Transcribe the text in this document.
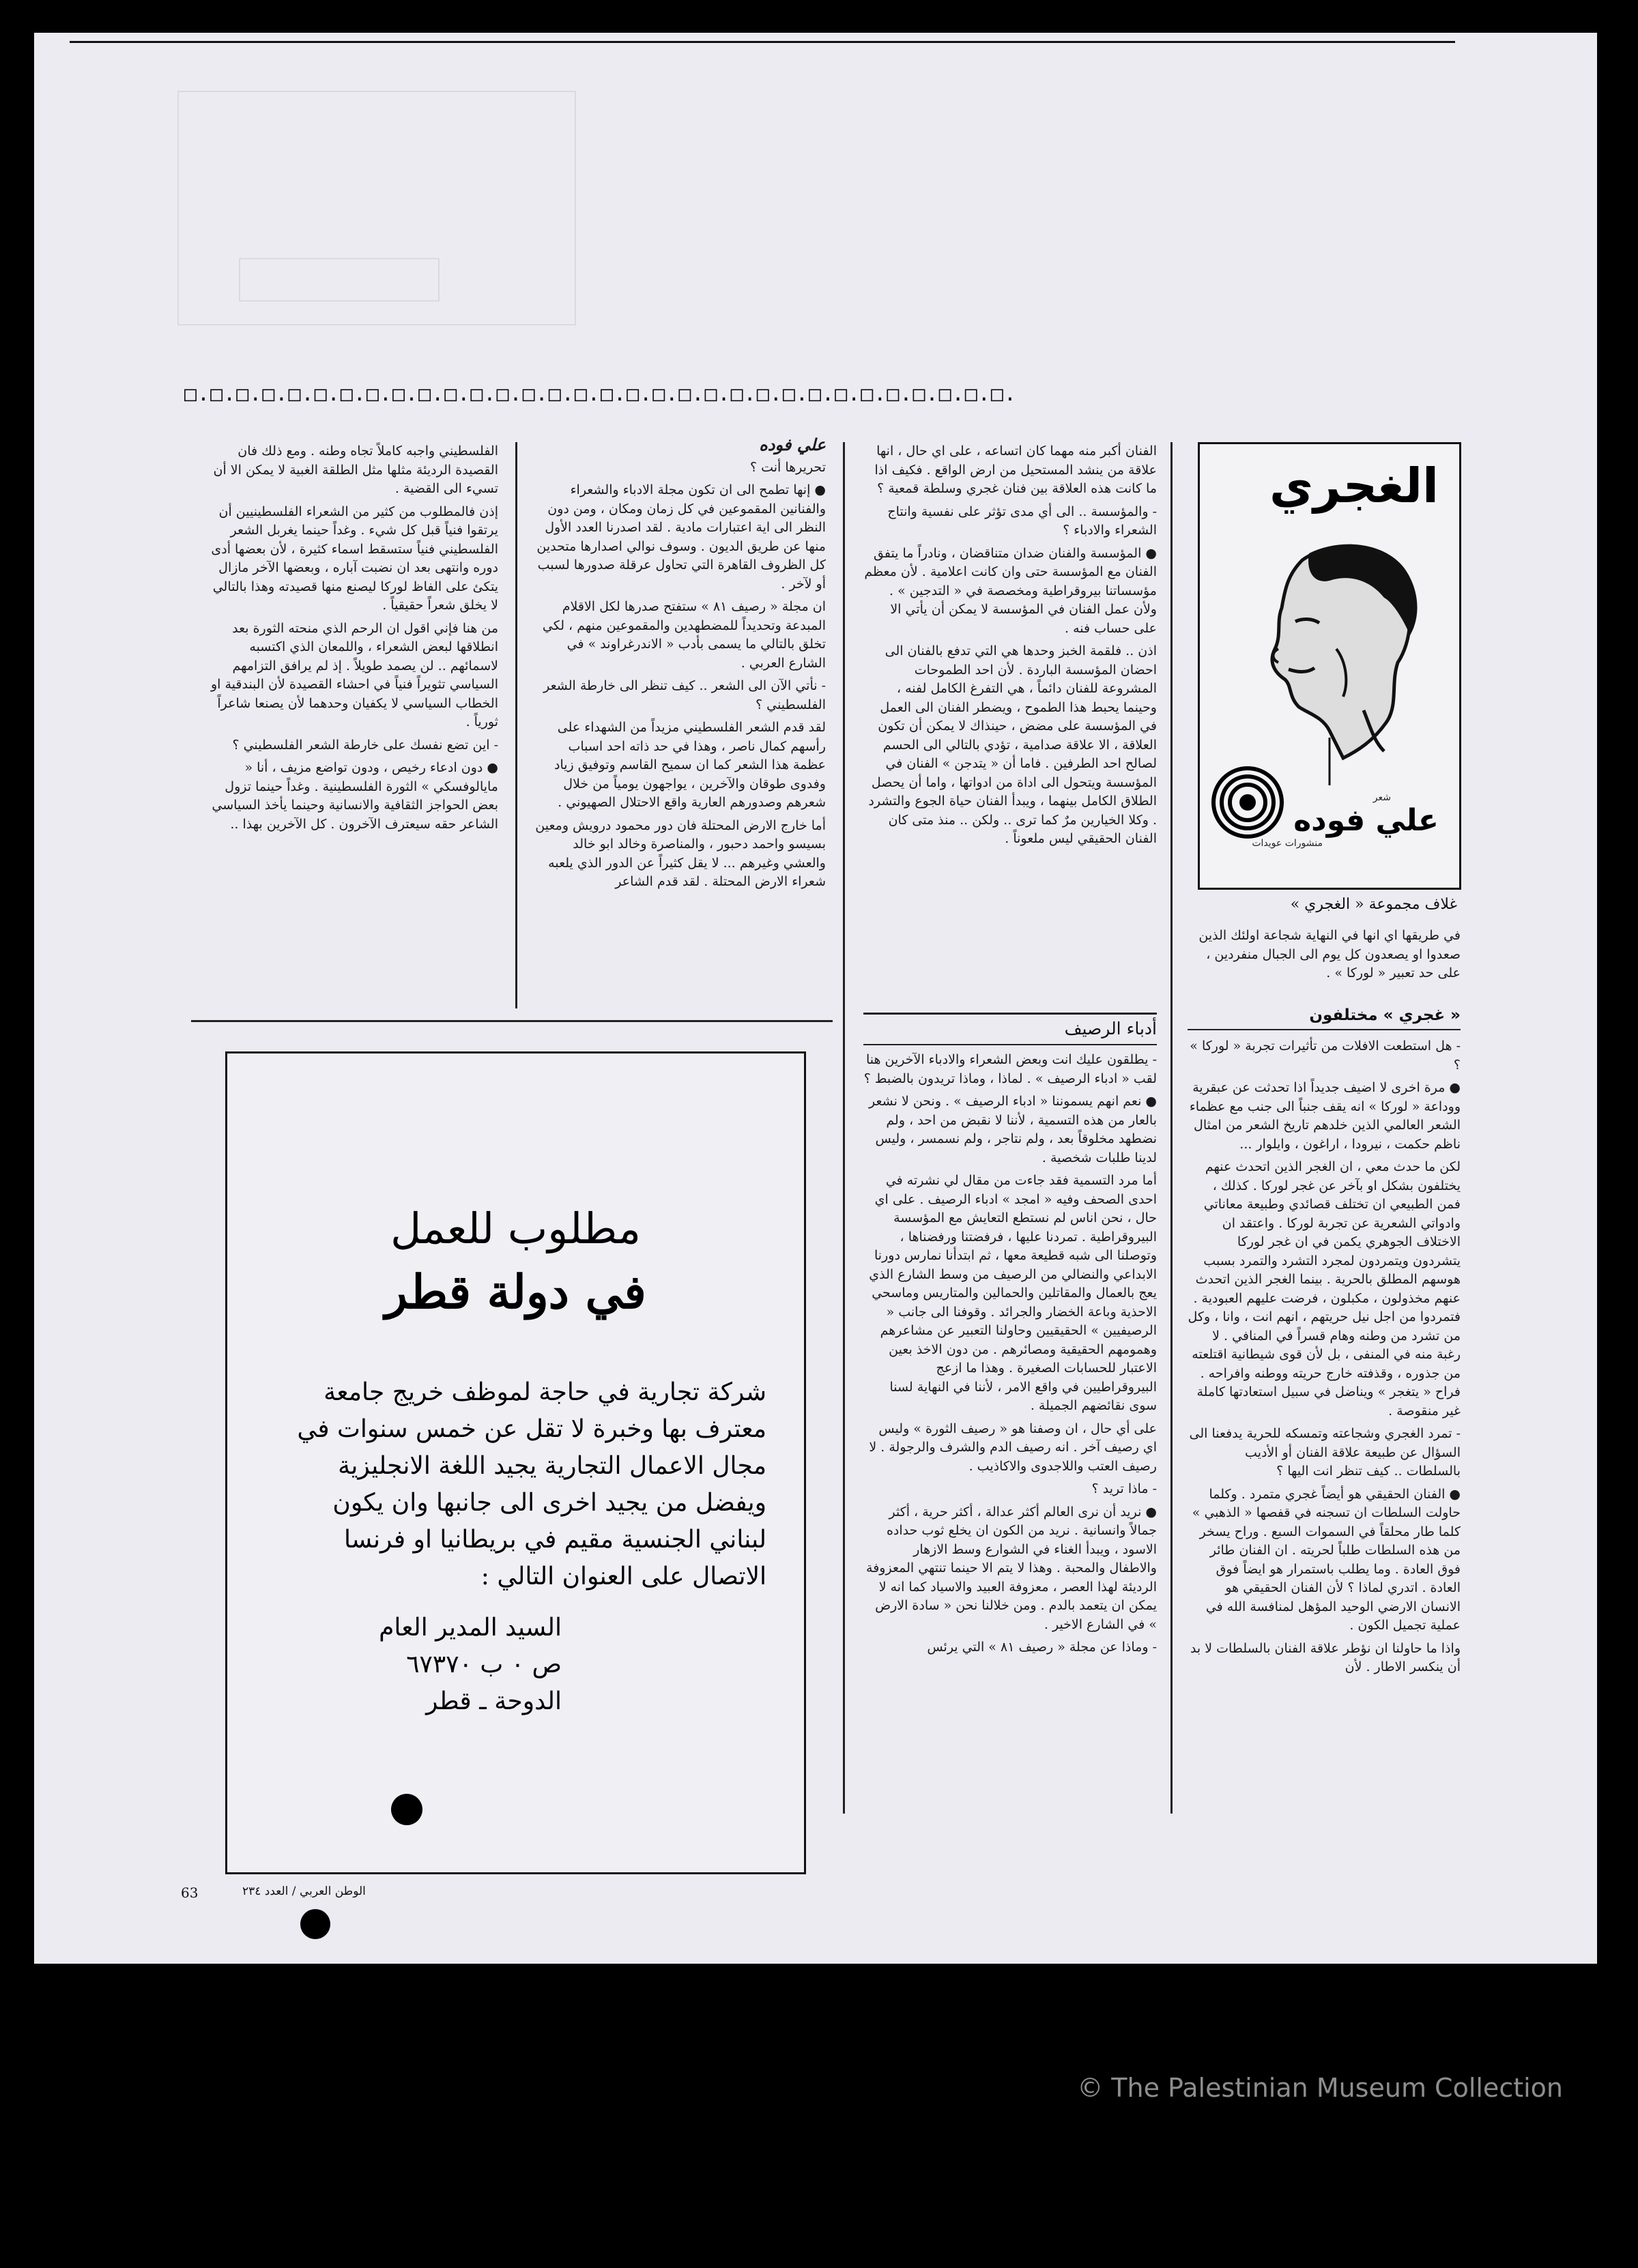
□.□.□.□.□.□.□.□.□.□.□.□.□.□.□.□.□.□.□.□.□.□.□.□.□.□.□.□.□.□.□.□.
الغجري
شعر
علي فوده
منشورات عويدات
غلاف مجموعة « الغجري »

في طريقها اي انها في النهاية شجاعة اولئك الذين صعدوا او يصعدون كل يوم الى الجبال منفردين ، على حد تعبير « لوركا » .

« غجري » مختلفون

- هل استطعت الافلات من تأثيرات تجربة « لوركا » ؟

● مرة اخرى لا اضيف جديداً اذا تحدثت عن عبقرية ووداعة « لوركا » انه يقف جنباً الى جنب مع عظماء الشعر العالمي الذين خلدهم تاريخ الشعر من امثال ناظم حكمت ، نيرودا ، اراغون ، وايلوار ...

لكن ما حدث معي ، ان الغجر الذين اتحدث عنهم يختلفون بشكل او بآخر عن غجر لوركا . كذلك ، فمن الطبيعي ان تختلف قصائدي وطبيعة معاناتي وادواتي الشعرية عن تجربة لوركا . واعتقد ان الاختلاف الجوهري يكمن في ان غجر لوركا يتشردون ويتمردون لمجرد التشرد والتمرد بسبب هوسهم المطلق بالحرية . بينما الغجر الذين اتحدث عنهم مخذولون ، مكبلون ، فرضت عليهم العبودية . فتمردوا من اجل نيل حريتهم ، انهم انت ، وانا ، وكل من تشرد من وطنه وهام قسراً في المنافي . لا رغبة منه في المنفى ، بل لأن قوى شيطانية اقتلعته من جذوره ، وقذفته خارج حريته ووطنه وافراحه . فراح « يتغجر » ويناضل في سبيل استعادتها كاملة غير منقوصة .

- تمرد الغجري وشجاعته وتمسكه للحرية يدفعنا الى السؤال عن طبيعة علاقة الفنان أو الأديب بالسلطات .. كيف تنظر انت اليها ؟

● الفنان الحقيقي هو أيضاً غجري متمرد . وكلما حاولت السلطات ان تسجنه في قفصها « الذهبي » كلما طار محلقاً في السموات السبع . وراح يسخر من هذه السلطات طلباً لحريته . ان الفنان طائر فوق العادة . وما يطلب باستمرار هو ايضاً فوق العادة . اتدري لماذا ؟ لأن الفنان الحقيقي هو الانسان الارضي الوحيد المؤهل لمنافسة الله في عملية تجميل الكون .

واذا ما حاولنا ان نؤطر علاقة الفنان بالسلطات لا بد أن ينكسر الاطار . لأن

الفنان أكبر منه مهما كان اتساعه ، على اي حال ، انها علاقة من ينشد المستحيل من ارض الواقع . فكيف اذا ما كانت هذه العلاقة بين فنان غجري وسلطة قمعية ؟

- والمؤسسة .. الى أي مدى تؤثر على نفسية وانتاج الشعراء والادباء ؟

● المؤسسة والفنان ضدان متناقضان ، ونادراً ما يتفق الفنان مع المؤسسة حتى وان كانت اعلامية . لأن معظم مؤسساتنا بيروقراطية ومخصصة في « التدجين » . ولأن عمل الفنان في المؤسسة لا يمكن أن يأتي الا على حساب فنه .

اذن .. فلقمة الخبز وحدها هي التي تدفع بالفنان الى احضان المؤسسة الباردة . لأن احد الطموحات المشروعة للفنان دائماً ، هي التفرغ الكامل لفنه ، وحينما يحبط هذا الطموح ، ويضطر الفنان الى العمل في المؤسسة على مضض ، حينذاك لا يمكن أن تكون العلاقة ، الا علاقة صدامية ، تؤدي بالتالي الى الحسم لصالح احد الطرفين . فاما أن « يتدجن » الفنان في المؤسسة ويتحول الى اداة من ادواتها ، واما أن يحصل الطلاق الكامل بينهما ، ويبدأ الفنان حياة الجوع والتشرد . وكلا الخيارين مرٌ كما ترى .. ولكن .. منذ متى كان الفنان الحقيقي ليس ملعوناً .

أدباء الرصيف

- يطلقون عليك انت وبعض الشعراء والادباء الآخرين هنا لقب « ادباء الرصيف » . لماذا ، وماذا تريدون بالضبط ؟

● نعم انهم يسموننا « ادباء الرصيف » . ونحن لا نشعر بالعار من هذه التسمية ، لأننا لا نقبض من احد ، ولم نضطهد مخلوقاً بعد ، ولم نتاجر ، ولم نسمسر ، وليس لدينا طلبات شخصية .

أما مرد التسمية فقد جاءت من مقال لي نشرته في احدى الصحف وفيه « امجد » ادباء الرصيف . على اي حال ، نحن اناس لم نستطع التعايش مع المؤسسة البيروقراطية . تمردنا عليها ، فرفضتنا ورفضناها ، وتوصلنا الى شبه قطيعة معها ، ثم ابتدأنا نمارس دورنا الابداعي والنضالي من الرصيف من وسط الشارع الذي يعج بالعمال والمقاتلين والحمالين والمتاريس وماسحي الاحذية وباعة الخضار والجرائد . وقوفنا الى جانب « الرصيفيين » الحقيقيين وحاولنا التعبير عن مشاعرهم وهمومهم الحقيقية ومصائرهم . من دون الاخذ بعين الاعتبار للحسابات الصغيرة . وهذا ما ازعج البيروقراطيين في واقع الامر ، لأننا في النهاية لسنا سوى نقائضهم الجميلة .

على أي حال ، ان وصفنا هو « رصيف الثورة » وليس اي رصيف آخر . انه رصيف الدم والشرف والرجولة . لا رصيف العتب واللاجدوى والاكاذيب .

- ماذا تريد ؟

● نريد أن نرى العالم أكثر عدالة ، أكثر حرية ، أكثر جمالاً وانسانية . نريد من الكون ان يخلع ثوب حداده الاسود ، ويبدأ الغناء في الشوارع وسط الازهار والاطفال والمحبة . وهذا لا يتم الا حينما تنتهي المعزوفة الرديئة لهذا العصر ، معزوفة العبيد والاسياد كما انه لا يمكن ان يتعمد بالدم . ومن خلالنا نحن « سادة الارض » في الشارع الاخير .

- وماذا عن مجلة « رصيف ٨١ » التي يرئس

علي فوده

تحريرها أنت ؟

● إنها تطمح الى ان تكون مجلة الادباء والشعراء والفنانين المقموعين في كل زمان ومكان ، ومن دون النظر الى اية اعتبارات مادية . لقد اصدرنا العدد الأول منها عن طريق الديون . وسوف نوالي اصدارها متحدين كل الظروف القاهرة التي تحاول عرقلة صدورها لسبب أو لآخر .

ان مجلة « رصيف ٨١ » ستفتح صدرها لكل الاقلام المبدعة وتحديداً للمضطهدين والمقموعين منهم ، لكي تخلق بالتالي ما يسمى بأدب « الاندرغراوند » في الشارع العربي .

- نأتي الآن الى الشعر .. كيف تنظر الى خارطة الشعر الفلسطيني ؟

لقد قدم الشعر الفلسطيني مزيداً من الشهداء على رأسهم كمال ناصر ، وهذا في حد ذاته احد اسباب عظمة هذا الشعر كما ان سميح القاسم وتوفيق زياد وفدوى طوقان والآخرين ، يواجهون يومياً من خلال شعرهم وصدورهم العارية واقع الاحتلال الصهيوني .

أما خارج الارض المحتلة فان دور محمود درويش ومعين بسيسو واحمد دحبور ، والمناصرة وخالد ابو خالد والعشي وغيرهم ... لا يقل كثيراً عن الدور الذي يلعبه شعراء الارض المحتلة . لقد قدم الشاعر

الفلسطيني واجبه كاملاً تجاه وطنه . ومع ذلك فان القصيدة الرديئة مثلها مثل الطلقة الغبية لا يمكن الا أن تسيء الى القضية .

إذن فالمطلوب من كثير من الشعراء الفلسطينيين أن يرتقوا فنياً قبل كل شيء . وغداً حينما يغربل الشعر الفلسطيني فنياً ستسقط اسماء كثيرة ، لأن بعضها أدى دوره وانتهى بعد ان نضبت آباره ، وبعضها الآخر مازال يتكئ على الفاظ لوركا ليصنع منها قصيدته وهذا بالتالي لا يخلق شعراً حقيقياً .

من هنا فإني اقول ان الرحم الذي منحته الثورة بعد انطلاقها لبعض الشعراء ، واللمعان الذي اكتسبه لاسمائهم .. لن يصمد طويلاً . إذ لم يرافق التزامهم السياسي تثويراً فنياً في احشاء القصيدة لأن البندقية او الخطاب السياسي لا يكفيان وحدهما لأن يصنعا شاعراً ثورياً .

- اين تضع نفسك على خارطة الشعر الفلسطيني ؟

● دون ادعاء رخيص ، ودون تواضع مزيف ، أنا « مايالوفسكي » الثورة الفلسطينية . وغداً حينما تزول بعض الحواجز الثقافية والانسانية وحينما يأخذ السياسي الشاعر حقه سيعترف الآخرون . كل الآخرين بهذا ..

مطلوب للعمل
في دولة قطر
شركة تجارية في حاجة لموظف خريج جامعة معترف بها وخبرة لا تقل عن خمس سنوات في مجال الاعمال التجارية يجيد اللغة الانجليزية ويفضل من يجيد اخرى الى جانبها وان يكون لبناني الجنسية مقيم في بريطانيا او فرنسا الاتصال على العنوان التالي :
السيد المدير العام
ص ٠ ب ٦٧٣٧٠
الدوحة ـ قطر
63	الوطن العربي / العدد ٢٣٤
© The Palestinian Museum Collection
